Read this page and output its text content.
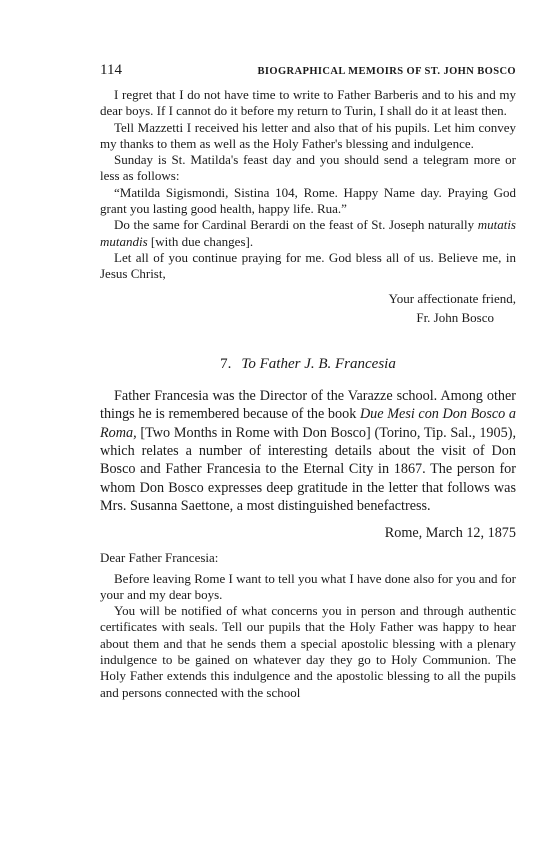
114	BIOGRAPHICAL MEMOIRS OF ST. JOHN BOSCO

I regret that I do not have time to write to Father Barberis and to his and my dear boys. If I cannot do it before my return to Turin, I shall do it at least then.

Tell Mazzetti I received his letter and also that of his pupils. Let him convey my thanks to them as well as the Holy Father's blessing and indulgence.

Sunday is St. Matilda's feast day and you should send a telegram more or less as follows:

“Matilda Sigismondi, Sistina 104, Rome. Happy Name day. Praying God grant you lasting good health, happy life. Rua.”

Do the same for Cardinal Berardi on the feast of St. Joseph naturally mutatis mutandis [with due changes].

Let all of you continue praying for me. God bless all of us. Believe me, in Jesus Christ,

Your affectionate friend,
Fr. John Bosco
7. To Father J. B. Francesia

Father Francesia was the Director of the Varazze school. Among other things he is remembered because of the book Due Mesi con Don Bosco a Roma, [Two Months in Rome with Don Bosco] (Torino, Tip. Sal., 1905), which relates a number of interesting details about the visit of Don Bosco and Father Francesia to the Eternal City in 1867. The person for whom Don Bosco expresses deep gratitude in the letter that follows was Mrs. Susanna Saettone, a most distinguished benefactress.

Rome, March 12, 1875
Dear Father Francesia:

Before leaving Rome I want to tell you what I have done also for you and for your and my dear boys.

You will be notified of what concerns you in person and through authentic certificates with seals. Tell our pupils that the Holy Father was happy to hear about them and that he sends them a special apostolic blessing with a plenary indulgence to be gained on whatever day they go to Holy Communion. The Holy Father extends this indulgence and the apostolic blessing to all the pupils and persons connected with the school
